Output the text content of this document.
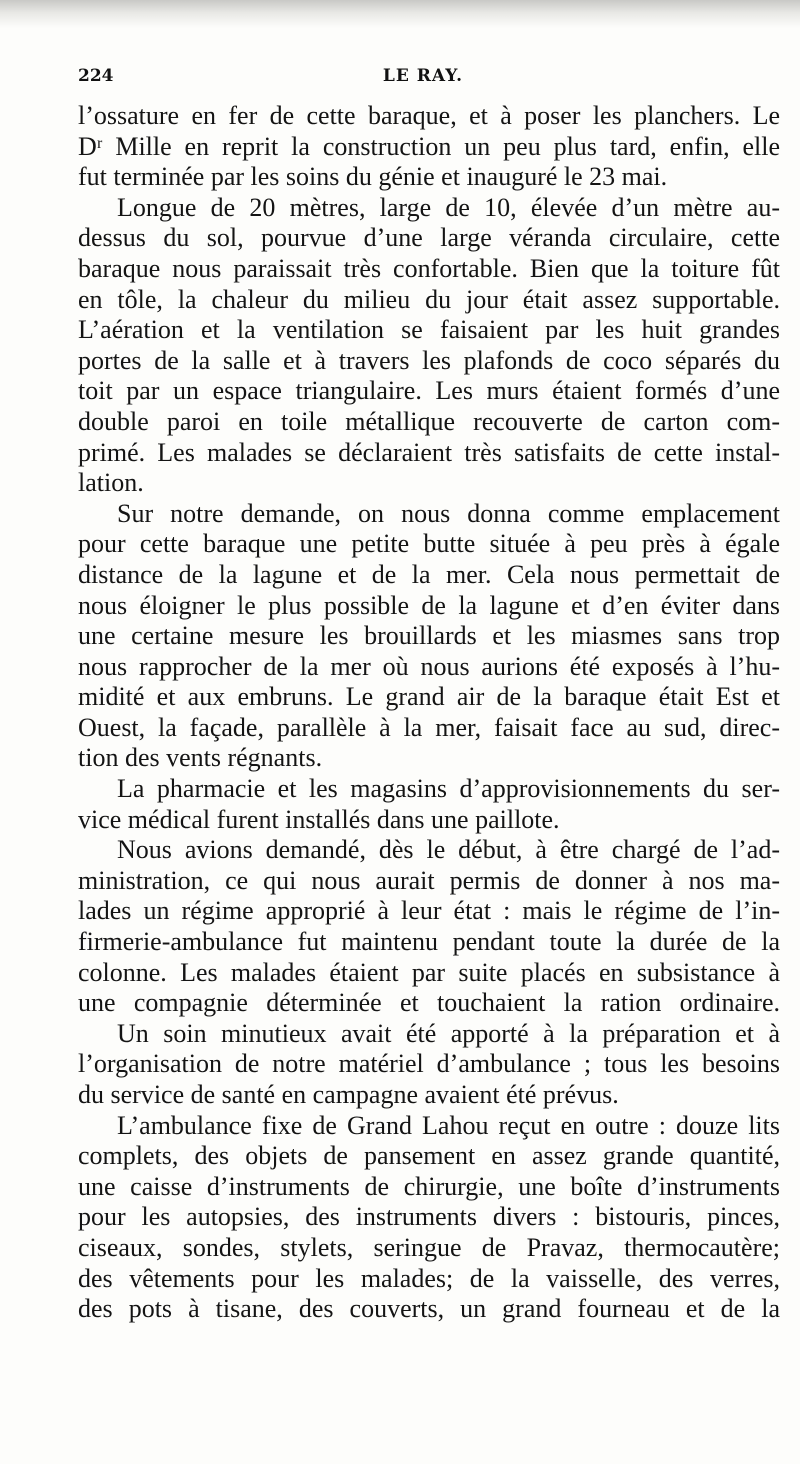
224	LE RAY.
l’ossature en fer de cette baraque, et à poser les planchers. Le
Dʳ Mille en reprit la construction un peu plus tard, enfin, elle
fut terminée par les soins du génie et inauguré le 23 mai.
Longue de 20 mètres, large de 10, élevée d’un mètre au-
dessus du sol, pourvue d’une large véranda circulaire, cette
baraque nous paraissait très confortable. Bien que la toiture fût
en tôle, la chaleur du milieu du jour était assez supportable.
L’aération et la ventilation se faisaient par les huit grandes
portes de la salle et à travers les plafonds de coco séparés du
toit par un espace triangulaire. Les murs étaient formés d’une
double paroi en toile métallique recouverte de carton com-
primé. Les malades se déclaraient très satisfaits de cette instal-
lation.
Sur notre demande, on nous donna comme emplacement
pour cette baraque une petite butte située à peu près à égale
distance de la lagune et de la mer. Cela nous permettait de
nous éloigner le plus possible de la lagune et d’en éviter dans
une certaine mesure les brouillards et les miasmes sans trop
nous rapprocher de la mer où nous aurions été exposés à l’hu-
midité et aux embruns. Le grand air de la baraque était Est et
Ouest, la façade, parallèle à la mer, faisait face au sud, direc-
tion des vents régnants.
La pharmacie et les magasins d’approvisionnements du ser-
vice médical furent installés dans une paillote.
Nous avions demandé, dès le début, à être chargé de l’ad-
ministration, ce qui nous aurait permis de donner à nos ma-
lades un régime approprié à leur état : mais le régime de l’in-
firmerie-ambulance fut maintenu pendant toute la durée de la
colonne. Les malades étaient par suite placés en subsistance à
une compagnie déterminée et touchaient la ration ordinaire.
Un soin minutieux avait été apporté à la préparation et à
l’organisation de notre matériel d’ambulance ; tous les besoins
du service de santé en campagne avaient été prévus.
L’ambulance fixe de Grand Lahou reçut en outre : douze lits
complets, des objets de pansement en assez grande quantité,
une caisse d’instruments de chirurgie, une boîte d’instruments
pour les autopsies, des instruments divers : bistouris, pinces,
ciseaux, sondes, stylets, seringue de Pravaz, thermocautère;
des vêtements pour les malades; de la vaisselle, des verres,
des pots à tisane, des couverts, un grand fourneau et de la
